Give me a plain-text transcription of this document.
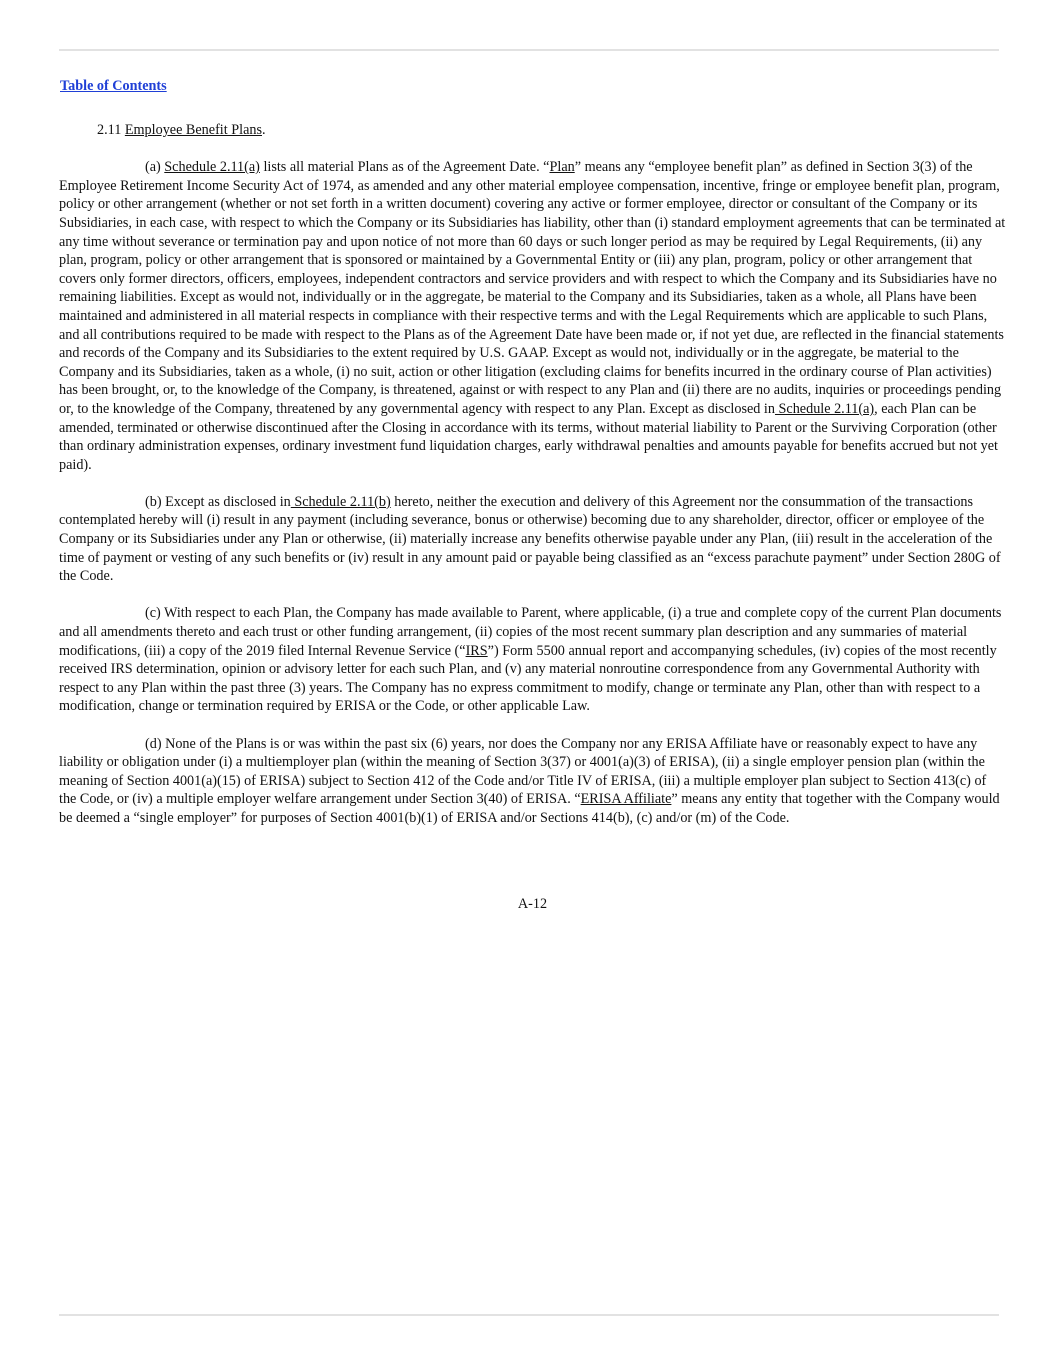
Table of Contents

2.11 Employee Benefit Plans.

(a) Schedule 2.11(a) lists all material Plans as of the Agreement Date. “Plan” means any “employee benefit plan” as defined in Section 3(3) of the Employee Retirement Income Security Act of 1974, as amended and any other material employee compensation, incentive, fringe or employee benefit plan, program, policy or other arrangement (whether or not set forth in a written document) covering any active or former employee, director or consultant of the Company or its Subsidiaries, in each case, with respect to which the Company or its Subsidiaries has liability, other than (i) standard employment agreements that can be terminated at any time without severance or termination pay and upon notice of not more than 60 days or such longer period as may be required by Legal Requirements, (ii) any plan, program, policy or other arrangement that is sponsored or maintained by a Governmental Entity or (iii) any plan, program, policy or other arrangement that covers only former directors, officers, employees, independent contractors and service providers and with respect to which the Company and its Subsidiaries have no remaining liabilities. Except as would not, individually or in the aggregate, be material to the Company and its Subsidiaries, taken as a whole, all Plans have been maintained and administered in all material respects in compliance with their respective terms and with the Legal Requirements which are applicable to such Plans, and all contributions required to be made with respect to the Plans as of the Agreement Date have been made or, if not yet due, are reflected in the financial statements and records of the Company and its Subsidiaries to the extent required by U.S. GAAP. Except as would not, individually or in the aggregate, be material to the Company and its Subsidiaries, taken as a whole, (i) no suit, action or other litigation (excluding claims for benefits incurred in the ordinary course of Plan activities) has been brought, or, to the knowledge of the Company, is threatened, against or with respect to any Plan and (ii) there are no audits, inquiries or proceedings pending or, to the knowledge of the Company, threatened by any governmental agency with respect to any Plan. Except as disclosed in Schedule 2.11(a), each Plan can be amended, terminated or otherwise discontinued after the Closing in accordance with its terms, without material liability to Parent or the Surviving Corporation (other than ordinary administration expenses, ordinary investment fund liquidation charges, early withdrawal penalties and amounts payable for benefits accrued but not yet paid).

(b) Except as disclosed in Schedule 2.11(b) hereto, neither the execution and delivery of this Agreement nor the consummation of the transactions contemplated hereby will (i) result in any payment (including severance, bonus or otherwise) becoming due to any shareholder, director, officer or employee of the Company or its Subsidiaries under any Plan or otherwise, (ii) materially increase any benefits otherwise payable under any Plan, (iii) result in the acceleration of the time of payment or vesting of any such benefits or (iv) result in any amount paid or payable being classified as an “excess parachute payment” under Section 280G of the Code.

(c) With respect to each Plan, the Company has made available to Parent, where applicable, (i) a true and complete copy of the current Plan documents and all amendments thereto and each trust or other funding arrangement, (ii) copies of the most recent summary plan description and any summaries of material modifications, (iii) a copy of the 2019 filed Internal Revenue Service (“IRS”) Form 5500 annual report and accompanying schedules, (iv) copies of the most recently received IRS determination, opinion or advisory letter for each such Plan, and (v) any material nonroutine correspondence from any Governmental Authority with respect to any Plan within the past three (3) years. The Company has no express commitment to modify, change or terminate any Plan, other than with respect to a modification, change or termination required by ERISA or the Code, or other applicable Law.

(d) None of the Plans is or was within the past six (6) years, nor does the Company nor any ERISA Affiliate have or reasonably expect to have any liability or obligation under (i) a multiemployer plan (within the meaning of Section 3(37) or 4001(a)(3) of ERISA), (ii) a single employer pension plan (within the meaning of Section 4001(a)(15) of ERISA) subject to Section 412 of the Code and/or Title IV of ERISA, (iii) a multiple employer plan subject to Section 413(c) of the Code, or (iv) a multiple employer welfare arrangement under Section 3(40) of ERISA. “ERISA Affiliate” means any entity that together with the Company would be deemed a “single employer” for purposes of Section 4001(b)(1) of ERISA and/or Sections 414(b), (c) and/or (m) of the Code.

A-12
